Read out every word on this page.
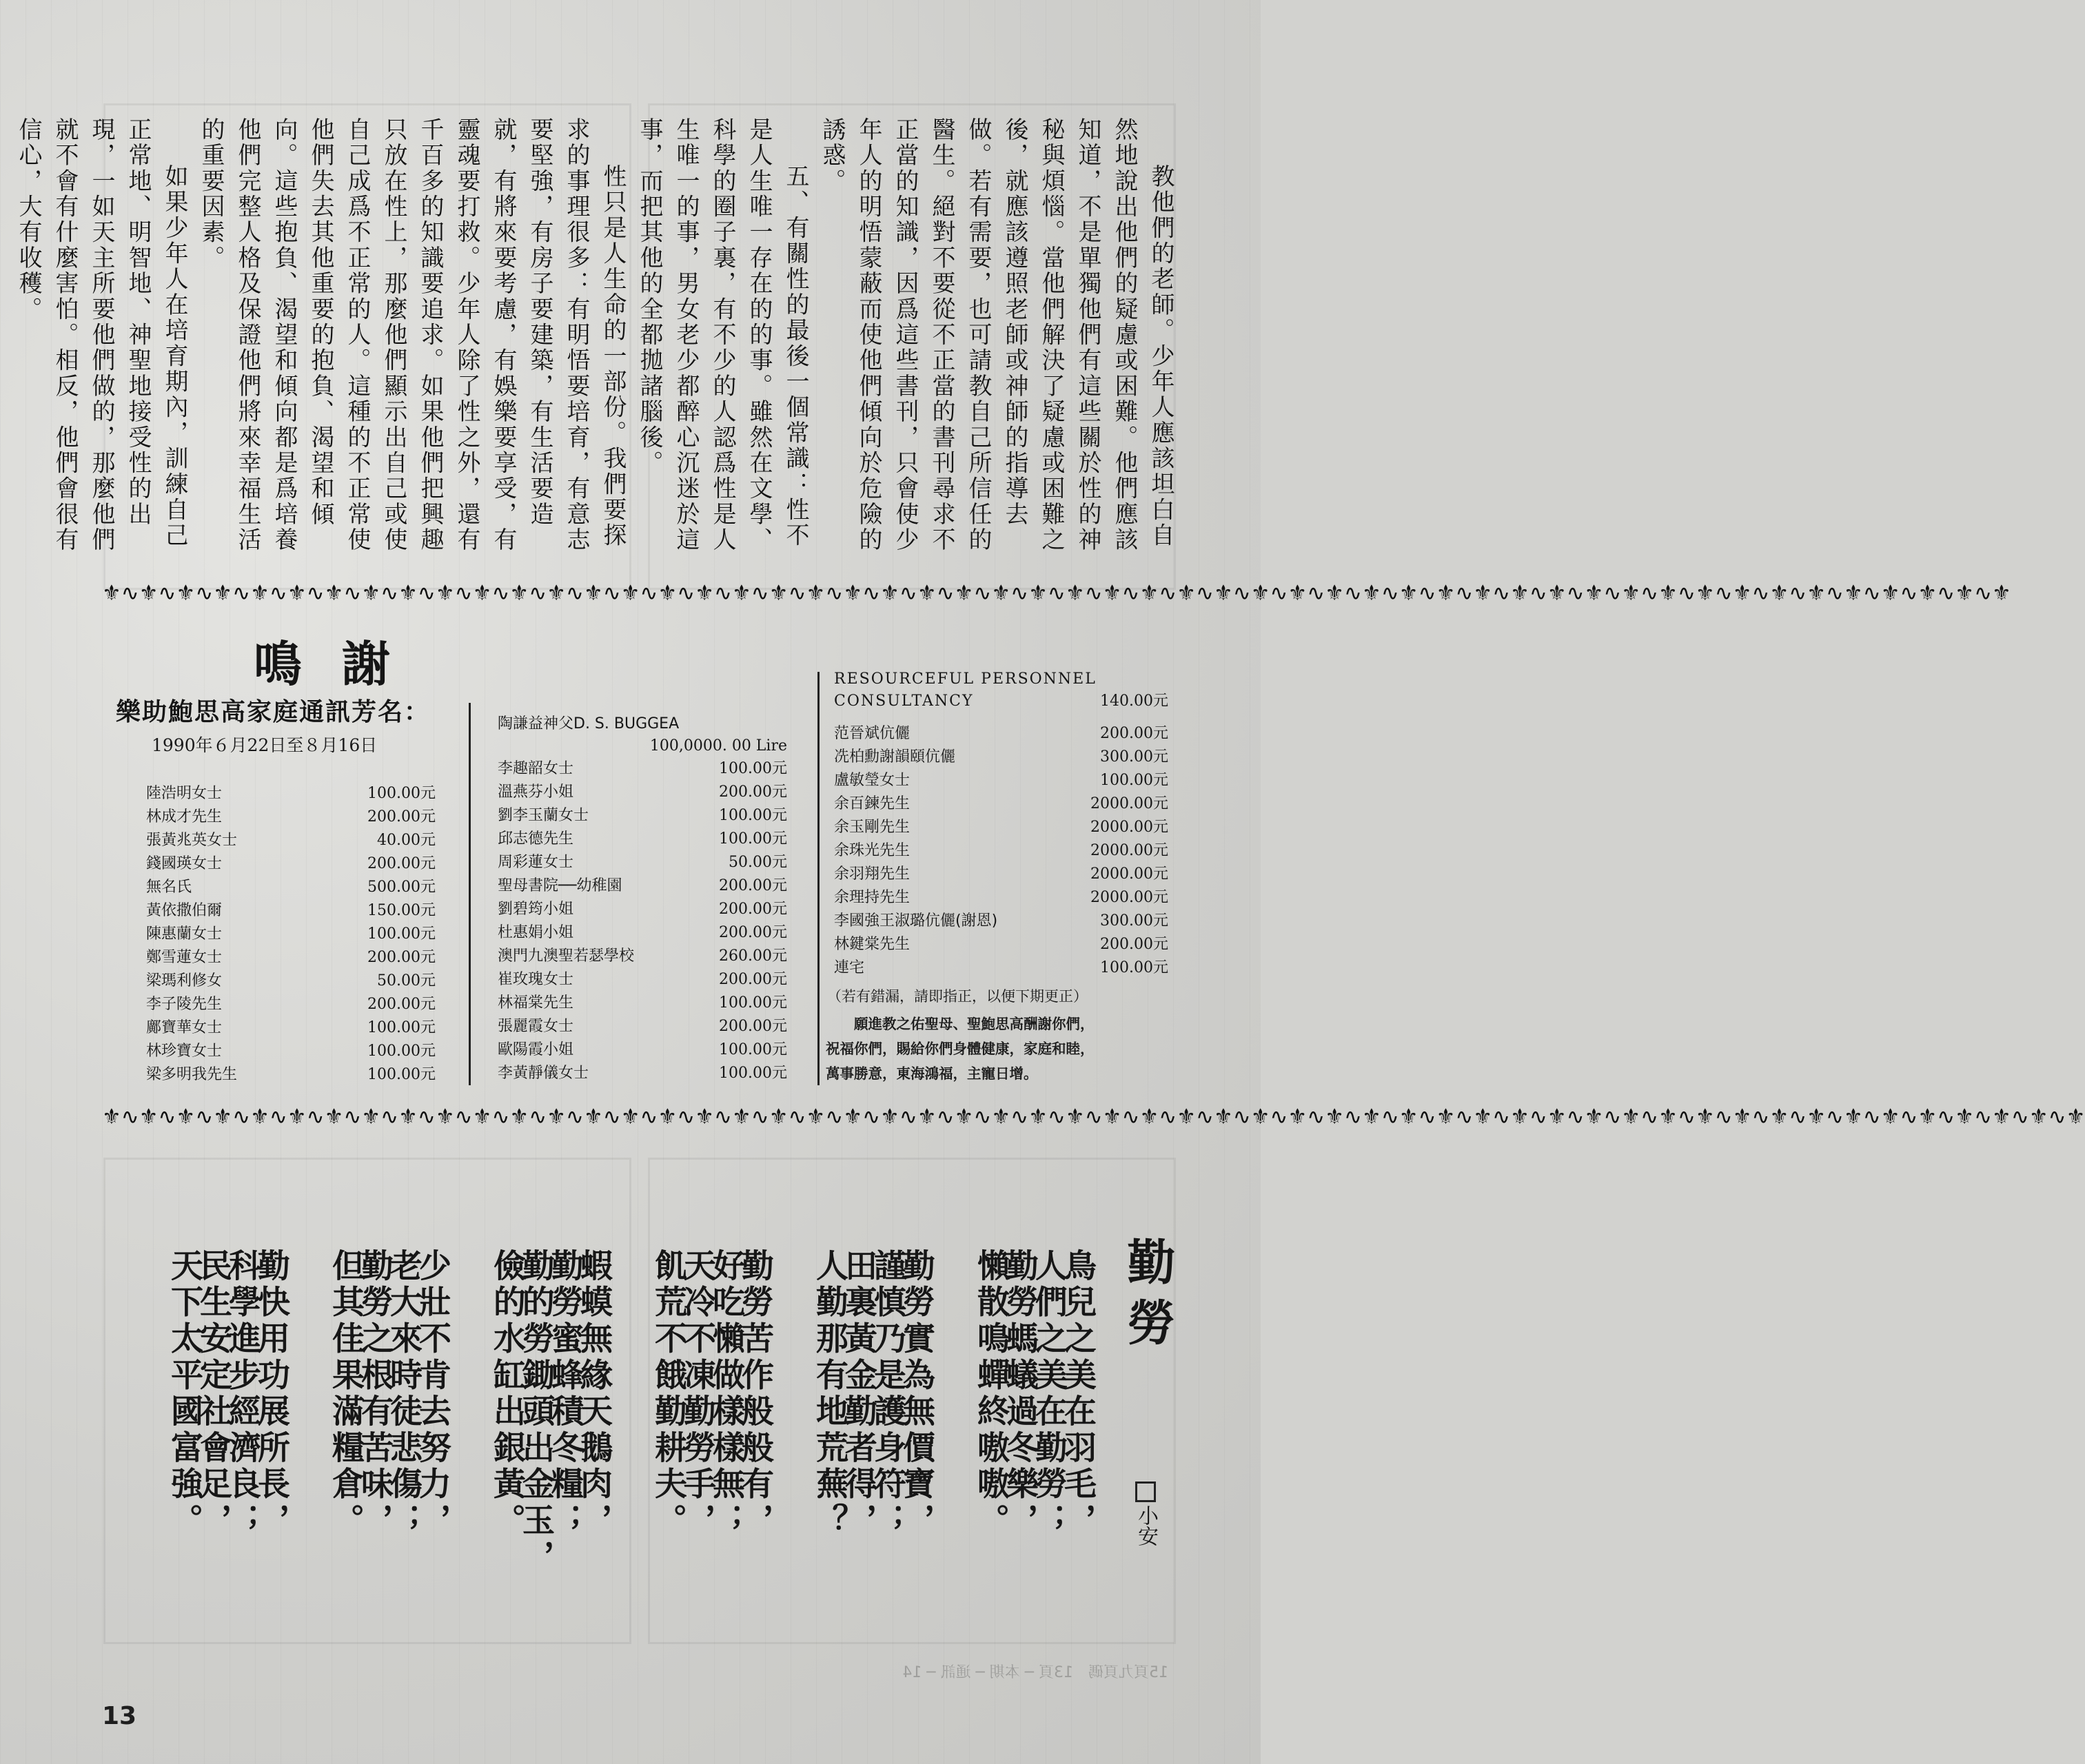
教他們的老師。少年人應該坦白自然地說出他們的疑慮或困難。他們應該知道，不是單獨他們有這些關於性的神秘與煩惱。當他們解決了疑慮或困難之後，就應該遵照老師或神師的指導去做。若有需要，也可請教自己所信任的醫生。絕對不要從不正當的書刊尋求不正當的知識，因爲這些書刊，只會使少年人的明悟蒙蔽而使他們傾向於危險的誘惑。

五、有關性的最後一個常識：性不是人生唯一存在的的事。雖然在文學、科學的圈子裏，有不少的人認爲性是人生唯一的事，男女老少都醉心沉迷於這事，而把其他的全都拋諸腦後。

性只是人生命的一部份。我們要探求的事理很多：有明悟要培育，有意志要堅強，有房子要建築，有生活要造就，有將來要考慮，有娛樂要享受，有靈魂要打救。少年人除了性之外，還有千百多的知識要追求。如果他們把興趣只放在性上，那麼他們顯示出自己或使自己成爲不正常的人。這種的不正常使他們失去其他重要的抱負、渴望和傾向。這些抱負、渴望和傾向都是爲培養他們完整人格及保證他們將來幸福生活的重要因素。

如果少年人在培育期內，訓練自己正常地、明智地、神聖地接受性的出現，一如天主所要他們做的，那麼他們就不會有什麼害怕。相反，他們會很有信心，大有收穫。

⚜∿⚜∿⚜∿⚜∿⚜∿⚜∿⚜∿⚜∿⚜∿⚜∿⚜∿⚜∿⚜∿⚜∿⚜∿⚜∿⚜∿⚜∿⚜∿⚜∿⚜∿⚜∿⚜∿⚜∿⚜∿⚜∿⚜∿⚜∿⚜∿⚜∿⚜∿⚜∿⚜∿⚜∿⚜∿⚜∿⚜∿⚜∿⚜∿⚜∿⚜∿⚜∿⚜∿⚜∿⚜∿⚜∿⚜∿⚜∿⚜∿⚜∿⚜∿⚜
⚜∿⚜∿⚜∿⚜∿⚜∿⚜∿⚜∿⚜∿⚜∿⚜∿⚜∿⚜∿⚜∿⚜∿⚜∿⚜∿⚜∿⚜∿⚜∿⚜∿⚜∿⚜∿⚜∿⚜∿⚜∿⚜∿⚜∿⚜∿⚜∿⚜∿⚜∿⚜∿⚜∿⚜∿⚜∿⚜∿⚜∿⚜∿⚜∿⚜∿⚜∿⚜∿⚜∿⚜∿⚜∿⚜∿⚜∿⚜∿⚜∿⚜∿⚜∿⚜∿⚜∿⚜
鳴謝
樂助鮑思高家庭通訊芳名：
1990年６月22日至８月16日
陸浩明女士	100.00元
林成才先生	200.00元
張黃兆英女士	40.00元
錢國瑛女士	200.00元
無名氏	500.00元
黃依撒伯爾	150.00元
陳惠蘭女士	100.00元
鄭雪蓮女士	200.00元
梁瑪利修女	50.00元
李子陵先生	200.00元
鄺寶華女士	100.00元
林珍寶女士	100.00元
梁多明我先生	100.00元
陶謙益神父D. S. BUGGEA
100,0000. 00 Lire
李趣韶女士	100.00元
溫燕芬小姐	200.00元
劉李玉蘭女士	100.00元
邱志德先生	100.00元
周彩蓮女士	50.00元
聖母書院──幼稚園	200.00元
劉碧筠小姐	200.00元
杜惠娟小姐	200.00元
澳門九澳聖若瑟學校	260.00元
崔玫瑰女士	200.00元
林福棠先生	100.00元
張麗霞女士	200.00元
歐陽霞小姐	100.00元
李黃靜儀女士	100.00元
RESOURCEFUL PERSONNEL
CONSULTANCY	140.00元
范晉斌伉儷	200.00元
冼柏勳謝韻頤伉儷	300.00元
盧敏瑩女士	100.00元
余百鍊先生	2000.00元
余玉剛先生	2000.00元
余珠光先生	2000.00元
余羽翔先生	2000.00元
余理持先生	2000.00元
李國強王淑璐伉儷(謝恩)	300.00元
林鍵棠先生	200.00元
連宅	100.00元
（若有錯漏，請即指正，以便下期更正）
　　願進教之佑聖母、聖鮑思高酬謝你們，
祝福你們，賜給你們身體健康，家庭和睦，
萬事勝意，東海鴻福，主寵日增。
勤勞
小安
鳥兒之美在羽毛，
人們之美在勤勞；
勤勞螞蟻過冬樂，
懶散鳴蟬終嗷嗷。
勤勞實為無價寶，
謹慎乃是護身符；
田裏黃金勤者得，
人勤那有地荒蕪？
勤勞苦作般般有，
好吃懶做樣樣無；
天冷不凍勤勞手，
飢荒不餓勤耕夫。
蝦蟆無緣天鵝肉，
勤勞蜜蜂積冬糧；
勤的勞鋤頭出金玉，
儉的水缸出銀黃。
少壯不肯去努力，
老大來時徒悲傷；
勤勞之根有苦味，
但其佳果滿糧倉。
勤快用功展所長，
科學進步經濟良；
民生安定社會足，
天下太平國富強。
15頁九頁碼　13頁 ─ 本期 ─ 通訊 ─ 14
13
